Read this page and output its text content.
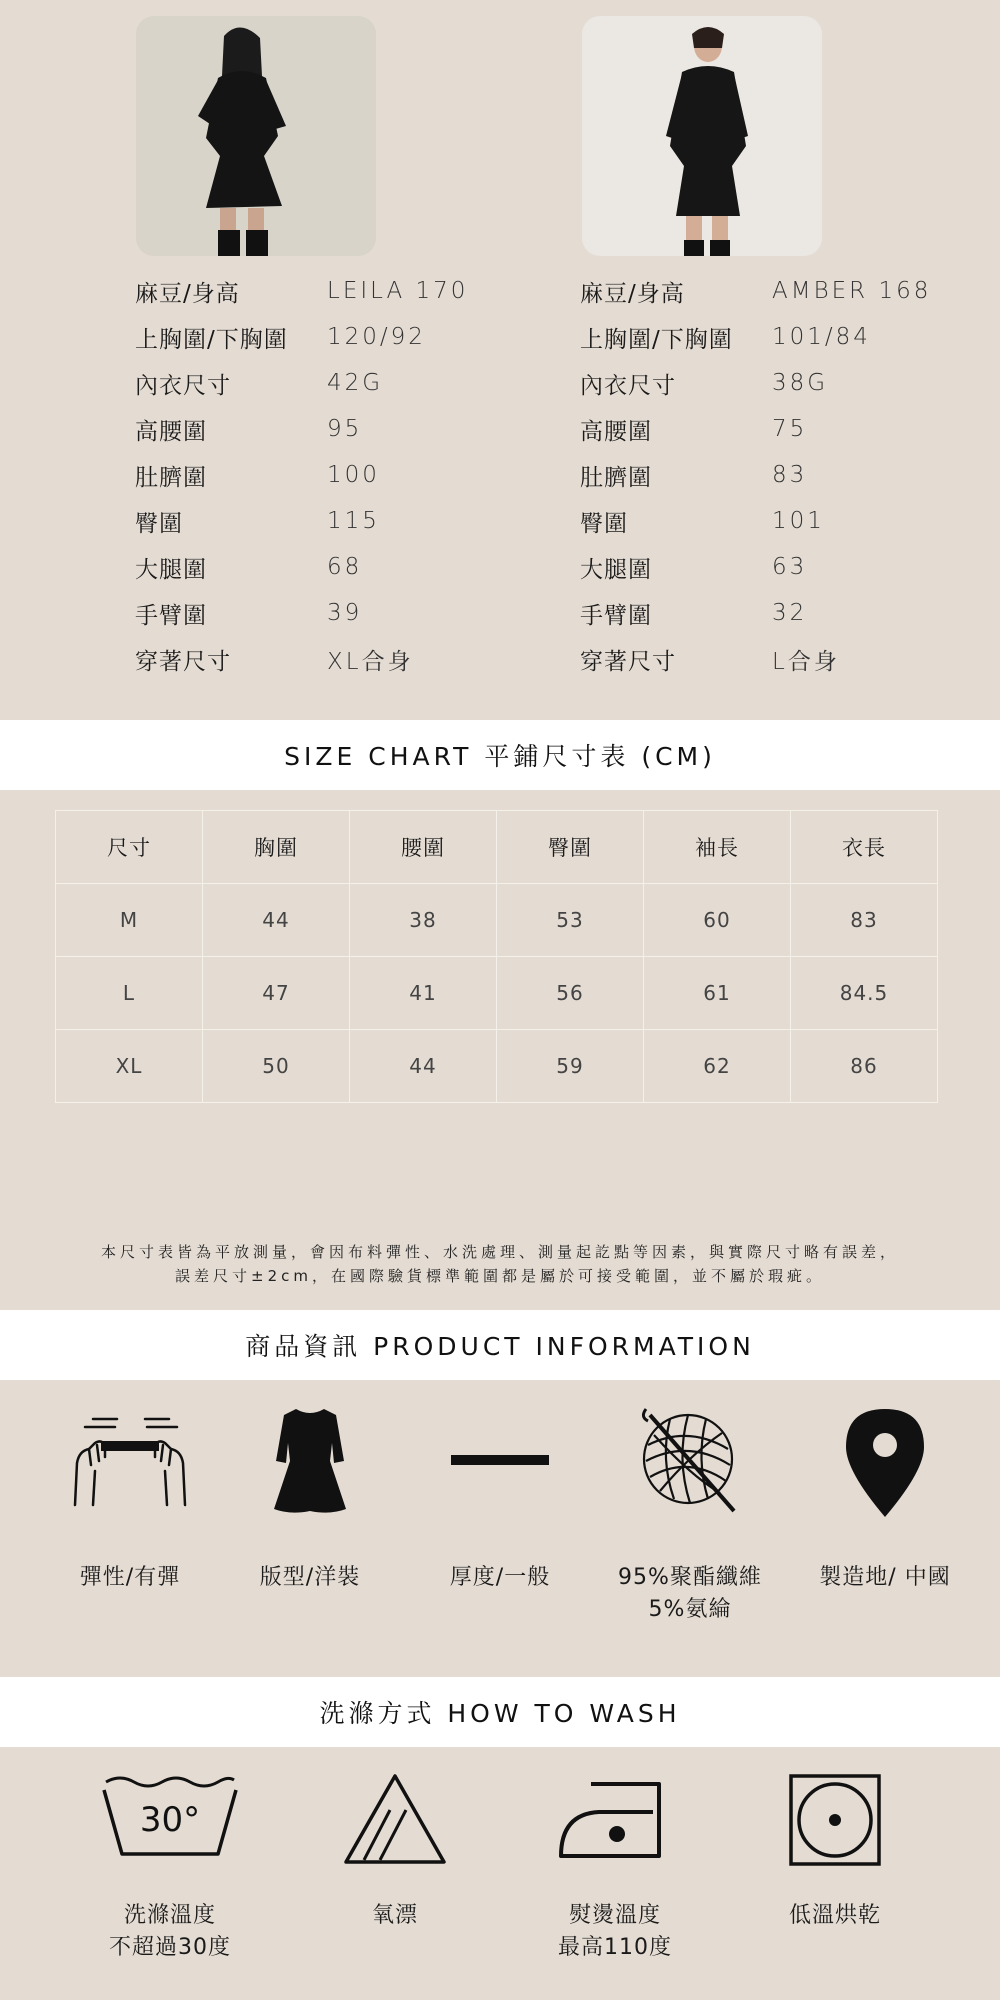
麻豆/身高	LEILA 170
上胸圍/下胸圍	120/92
內衣尺寸	42G
高腰圍	95
肚臍圍	100
臀圍	115
大腿圍	68
手臂圍	39
穿著尺寸	XL合身
麻豆/身高	AMBER 168
上胸圍/下胸圍	101/84
內衣尺寸	38G
高腰圍	75
肚臍圍	83
臀圍	101
大腿圍	63
手臂圍	32
穿著尺寸	L合身
SIZE CHART 平鋪尺寸表 (CM)
尺寸	胸圍	腰圍	臀圍	袖長	衣長
M	44	38	53	60	83
L	47	41	56	61	84.5
XL	50	44	59	62	86
本尺寸表皆為平放測量，會因布料彈性、水洗處理、測量起訖點等因素，與實際尺寸略有誤差，
誤差尺寸±2cm，在國際驗貨標準範圍都是屬於可接受範圍，並不屬於瑕疵。
商品資訊 PRODUCT INFORMATION
彈性/有彈	版型/洋裝	厚度/一般	95%聚酯纖維
5%氨綸
製造地/ 中國
洗滌方式 HOW TO WASH
30°
洗滌溫度
不超過30度
氧漂	熨燙溫度
最高110度
低溫烘乾
